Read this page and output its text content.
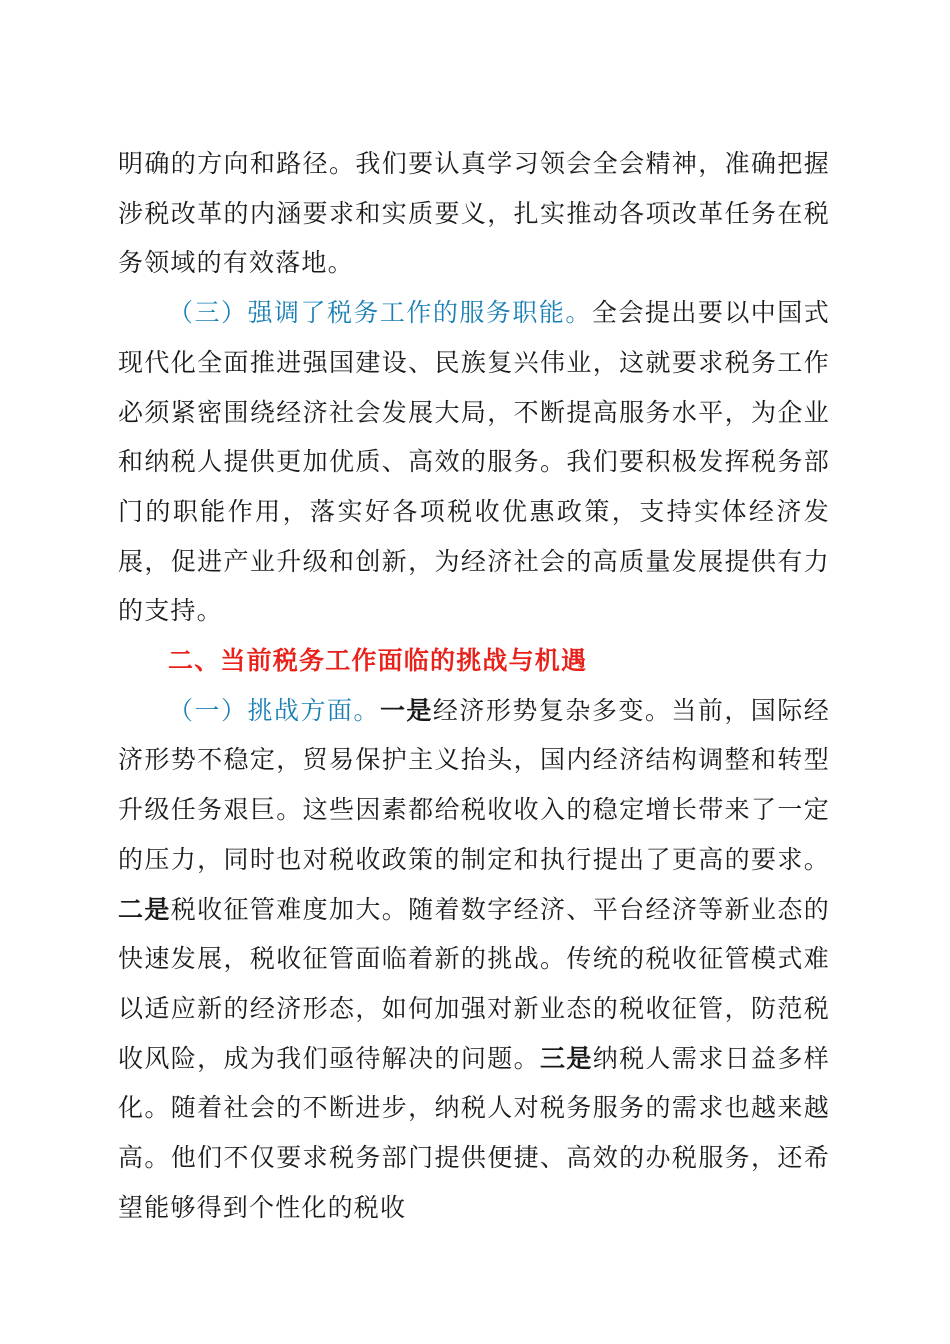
明确的方向和路径。我们要认真学习领会全会精神，准确把握涉税改革的内涵要求和实质要义，扎实推动各项改革任务在税务领域的有效落地。

（三）强调了税务工作的服务职能。全会提出要以中国式现代化全面推进强国建设、民族复兴伟业，这就要求税务工作必须紧密围绕经济社会发展大局，不断提高服务水平，为企业和纳税人提供更加优质、高效的服务。我们要积极发挥税务部门的职能作用，落实好各项税收优惠政策，支持实体经济发展，促进产业升级和创新，为经济社会的高质量发展提供有力的支持。

二、当前税务工作面临的挑战与机遇

（一）挑战方面。一是经济形势复杂多变。当前，国际经济形势不稳定，贸易保护主义抬头，国内经济结构调整和转型升级任务艰巨。这些因素都给税收收入的稳定增长带来了一定的压力，同时也对税收政策的制定和执行提出了更高的要求。二是税收征管难度加大。随着数字经济、平台经济等新业态的快速发展，税收征管面临着新的挑战。传统的税收征管模式难以适应新的经济形态，如何加强对新业态的税收征管，防范税收风险，成为我们亟待解决的问题。三是纳税人需求日益多样化。随着社会的不断进步，纳税人对税务服务的需求也越来越高。他们不仅要求税务部门提供便捷、高效的办税服务，还希望能够得到个性化的税收
